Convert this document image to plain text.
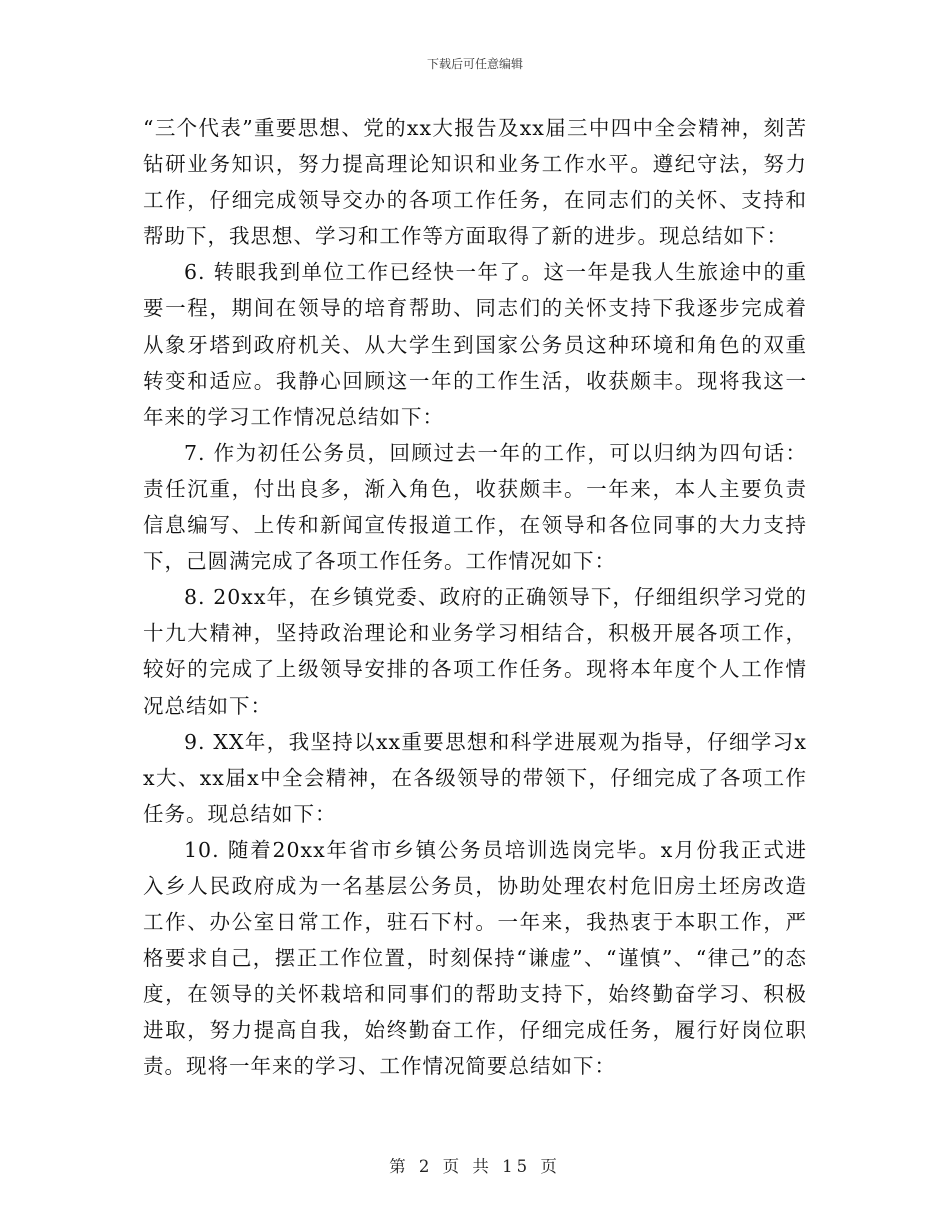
下载后可任意编辑

“三个代表”重要思想、党的xx大报告及xx届三中四中全会精神，刻苦钻研业务知识，努力提高理论知识和业务工作水平。遵纪守法，努力工作，仔细完成领导交办的各项工作任务，在同志们的关怀、支持和帮助下，我思想、学习和工作等方面取得了新的进步。现总结如下：

6. 转眼我到单位工作已经快一年了。这一年是我人生旅途中的重要一程，期间在领导的培育帮助、同志们的关怀支持下我逐步完成着从象牙塔到政府机关、从大学生到国家公务员这种环境和角色的双重转变和适应。我静心回顾这一年的工作生活，收获颇丰。现将我这一年来的学习工作情况总结如下：

7. 作为初任公务员，回顾过去一年的工作，可以归纳为四句话：责任沉重，付出良多，渐入角色，收获颇丰。一年来，本人主要负责信息编写、上传和新闻宣传报道工作，在领导和各位同事的大力支持下，己圆满完成了各项工作任务。工作情况如下：

8. 20xx年，在乡镇党委、政府的正确领导下，仔细组织学习党的十九大精神，坚持政治理论和业务学习相结合，积极开展各项工作，较好的完成了上级领导安排的各项工作任务。现将本年度个人工作情况总结如下：

9. XX年，我坚持以xx重要思想和科学进展观为指导，仔细学习xx大、xx届x中全会精神，在各级领导的带领下，仔细完成了各项工作任务。现总结如下：

10. 随着20xx年省市乡镇公务员培训选岗完毕。x月份我正式进入乡人民政府成为一名基层公务员，协助处理农村危旧房土坯房改造工作、办公室日常工作，驻石下村。一年来，我热衷于本职工作，严格要求自己，摆正工作位置，时刻保持“谦虚”、“谨慎”、“律己”的态度，在领导的关怀栽培和同事们的帮助支持下，始终勤奋学习、积极进取，努力提高自我，始终勤奋工作，仔细完成任务，履行好岗位职责。现将一年来的学习、工作情况简要总结如下：

第 2 页 共 15 页
